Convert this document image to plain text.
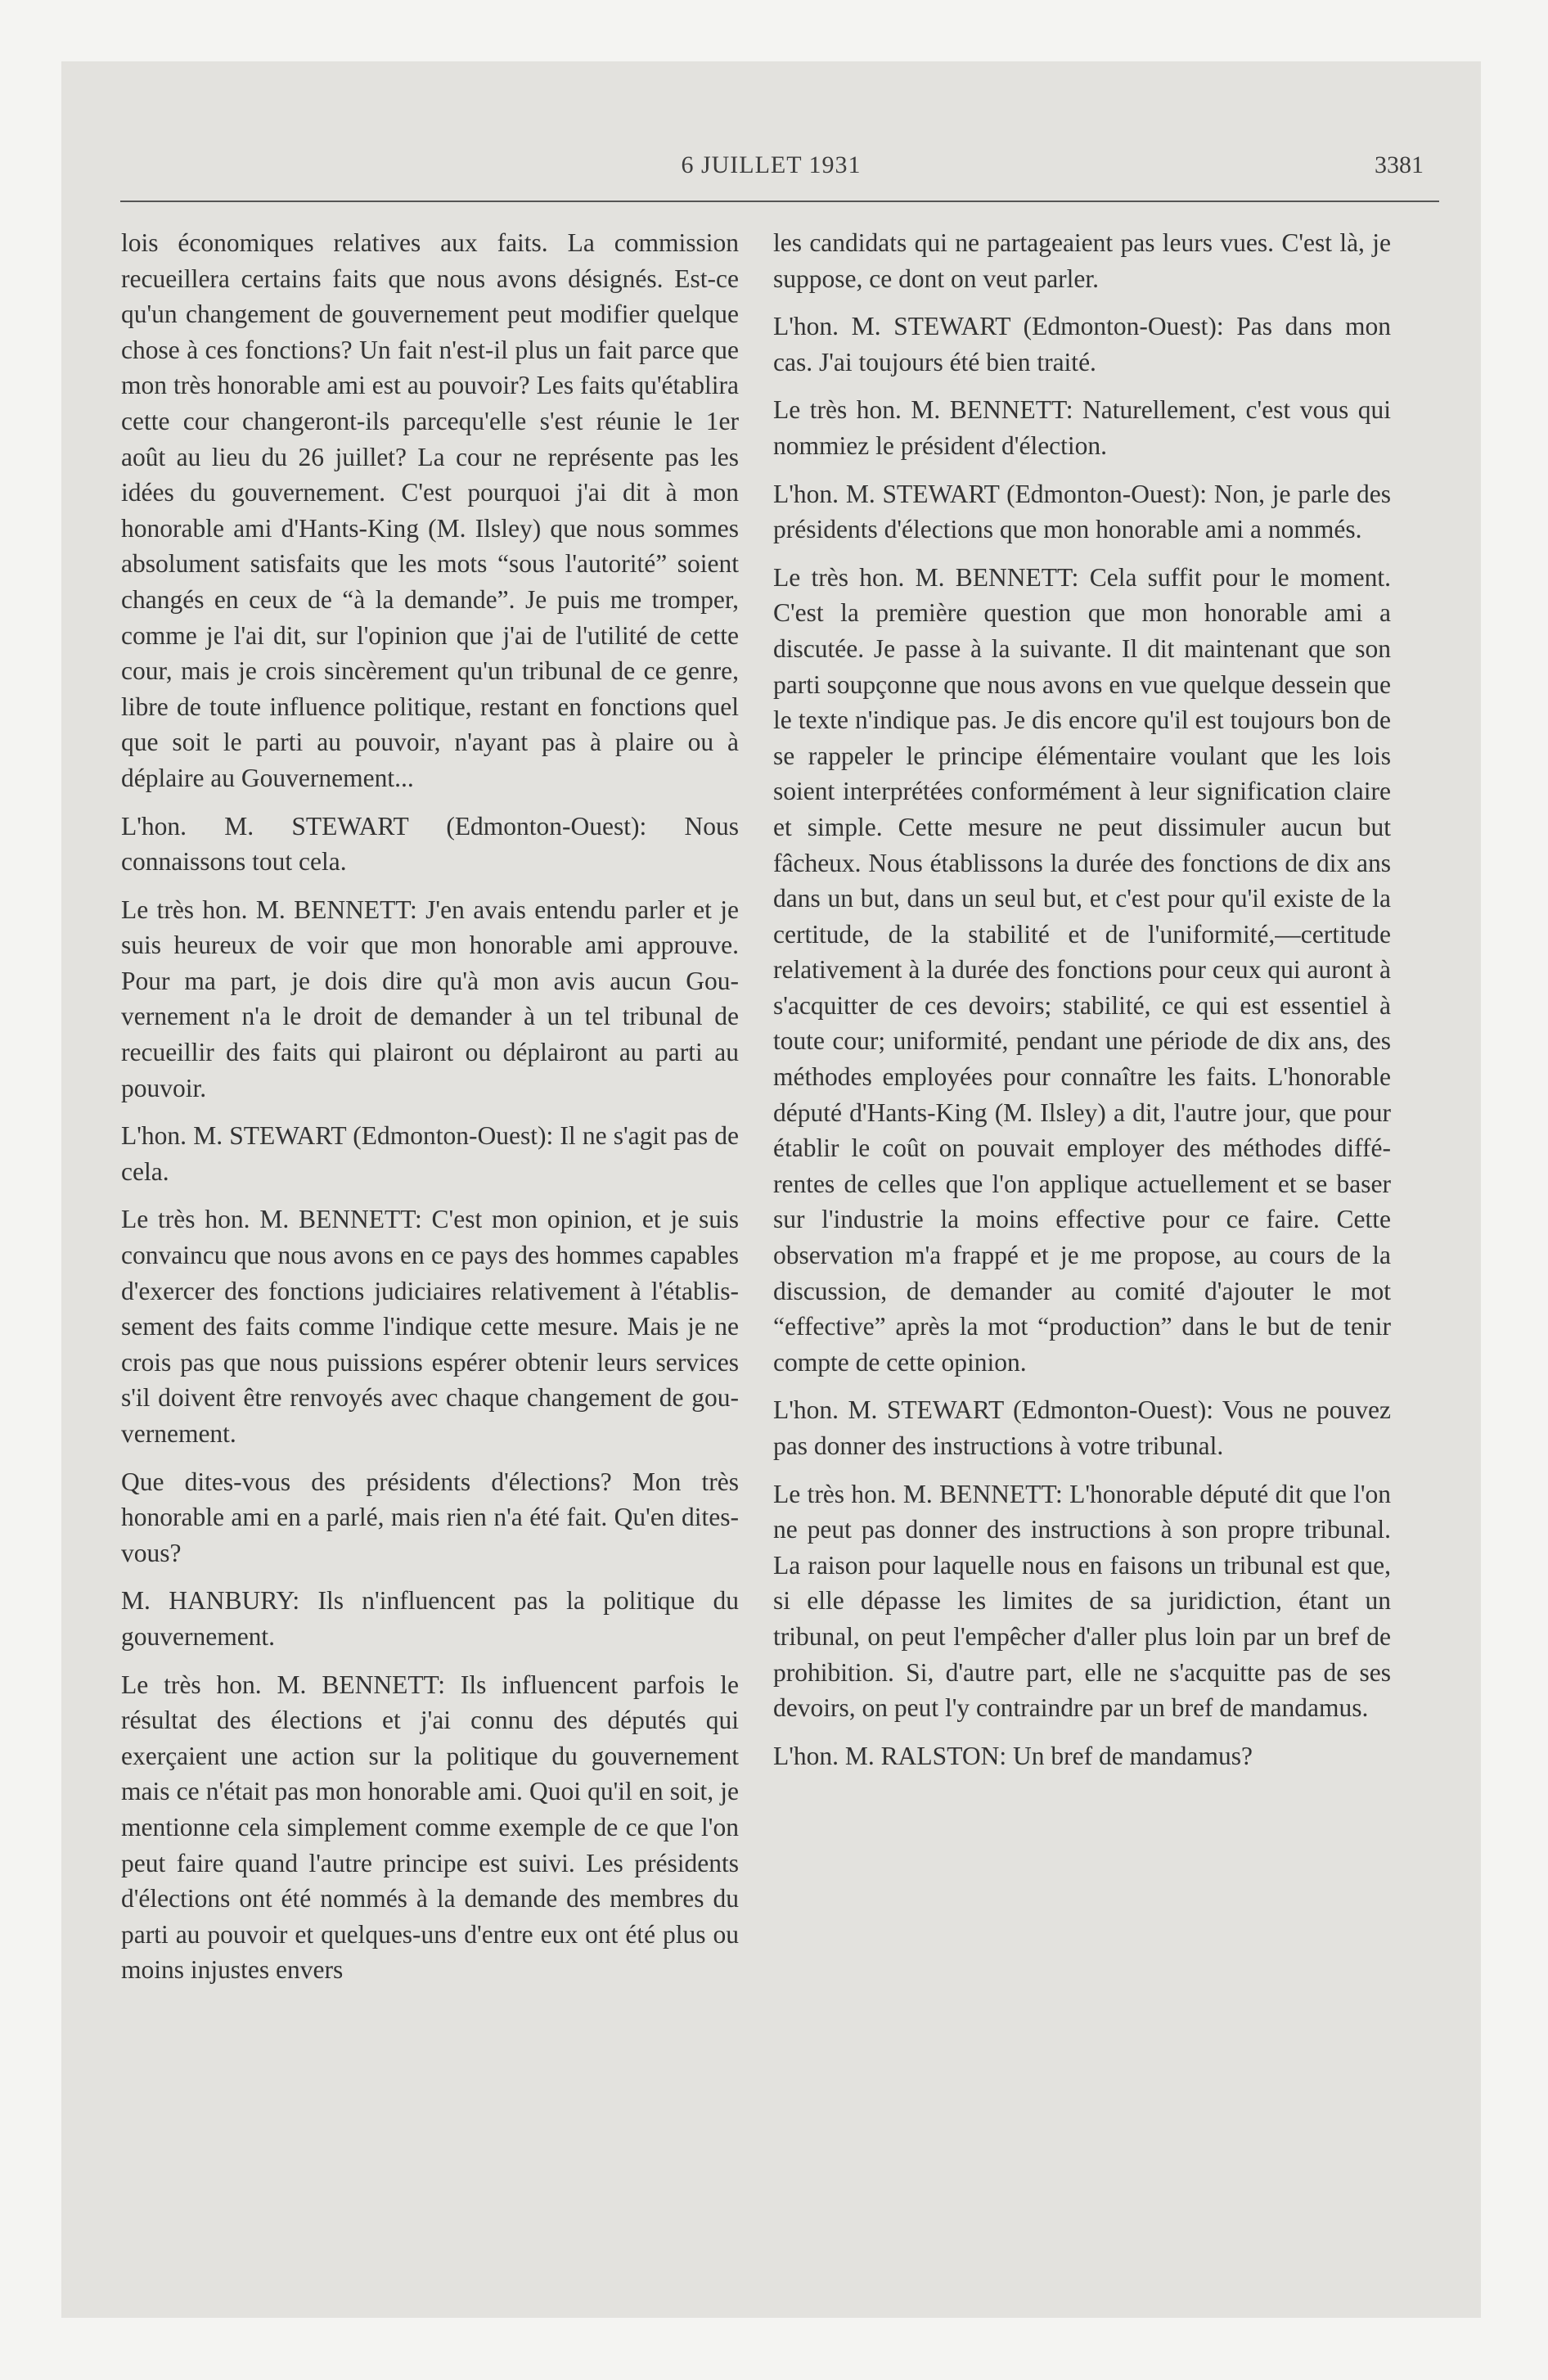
6 JUILLET 1931	3381

lois économiques relatives aux faits. La commission recueillera certains faits que nous avons désignés. Est-ce qu'un changement de gouvernement peut modifier quelque chose à ces fonctions? Un fait n'est-il plus un fait parce que mon très honorable ami est au pouvoir? Les faits qu'établira cette cour changeront-ils parcequ'elle s'est réunie le 1er août au lieu du 26 juillet? La cour ne représente pas les idées du gouvernement. C'est pourquoi j'ai dit à mon honorable ami d'Hants-King (M. Ilsley) que nous sommes absolument satisfaits que les mots “sous l'autorité” soient changés en ceux de “à la demande”. Je puis me tromper, comme je l'ai dit, sur l'opinion que j'ai de l'utilité de cette cour, mais je crois sincèrement qu'un tribunal de ce genre, libre de toute influence politique, restant en fonctions quel que soit le parti au pouvoir, n'ayant pas à plaire ou à déplaire au Gouvernement...

L'hon. M. STEWART (Edmonton-Ouest): Nous connaissons tout cela.

Le très hon. M. BENNETT: J'en avais entendu parler et je suis heureux de voir que mon honorable ami approuve. Pour ma part, je dois dire qu'à mon avis aucun Gouvernement n'a le droit de demander à un tel tribunal de recueillir des faits qui plairont ou déplairont au parti au pouvoir.

L'hon. M. STEWART (Edmonton-Ouest): Il ne s'agit pas de cela.

Le très hon. M. BENNETT: C'est mon opinion, et je suis convaincu que nous avons en ce pays des hommes capables d'exercer des fonctions judiciaires relativement à l'établissement des faits comme l'indique cette mesure. Mais je ne crois pas que nous puissions espérer obtenir leurs services s'il doivent être renvoyés avec chaque changement de gouvernement.

Que dites-vous des présidents d'élections? Mon très honorable ami en a parlé, mais rien n'a été fait. Qu'en dites-vous?

M. HANBURY: Ils n'influencent pas la politique du gouvernement.

Le très hon. M. BENNETT: Ils influencent parfois le résultat des élections et j'ai connu des députés qui exerçaient une action sur la politique du gouvernement mais ce n'était pas mon honorable ami. Quoi qu'il en soit, je mentionne cela simplement comme exemple de ce que l'on peut faire quand l'autre principe est suivi. Les présidents d'élections ont été nommés à la demande des membres du parti au pouvoir et quelques-uns d'entre eux ont été plus ou moins injustes envers

les candidats qui ne partageaient pas leurs vues. C'est là, je suppose, ce dont on veut parler.

L'hon. M. STEWART (Edmonton-Ouest): Pas dans mon cas. J'ai toujours été bien traité.

Le très hon. M. BENNETT: Naturellement, c'est vous qui nommiez le président d'élection.

L'hon. M. STEWART (Edmonton-Ouest): Non, je parle des présidents d'élections que mon honorable ami a nommés.

Le très hon. M. BENNETT: Cela suffit pour le moment. C'est la première question que mon honorable ami a discutée. Je passe à la suivante. Il dit maintenant que son parti soupçonne que nous avons en vue quelque dessein que le texte n'indique pas. Je dis encore qu'il est toujours bon de se rappeler le principe élémentaire voulant que les lois soient interprétées conformément à leur signification claire et simple. Cette mesure ne peut dissimuler aucun but fâcheux. Nous établissons la durée des fonctions de dix ans dans un but, dans un seul but, et c'est pour qu'il existe de la certitude, de la stabilité et de l'uniformité,—certitude relativement à la durée des fonctions pour ceux qui auront à s'acquitter de ces devoirs; stabilité, ce qui est essentiel à toute cour; uniformité, pendant une période de dix ans, des méthodes employées pour connaître les faits. L'honorable député d'Hants-King (M. Ilsley) a dit, l'autre jour, que pour établir le coût on pouvait employer des méthodes différentes de celles que l'on applique actuellement et se baser sur l'industrie la moins effective pour ce faire. Cette observation m'a frappé et je me propose, au cours de la discussion, de demander au comité d'ajouter le mot “effective” après la mot “production” dans le but de tenir compte de cette opinion.

L'hon. M. STEWART (Edmonton-Ouest): Vous ne pouvez pas donner des instructions à votre tribunal.

Le très hon. M. BENNETT: L'honorable député dit que l'on ne peut pas donner des instructions à son propre tribunal. La raison pour laquelle nous en faisons un tribunal est que, si elle dépasse les limites de sa juridiction, étant un tribunal, on peut l'empêcher d'aller plus loin par un bref de prohibition. Si, d'autre part, elle ne s'acquitte pas de ses devoirs, on peut l'y contraindre par un bref de mandamus.

L'hon. M. RALSTON: Un bref de mandamus?
